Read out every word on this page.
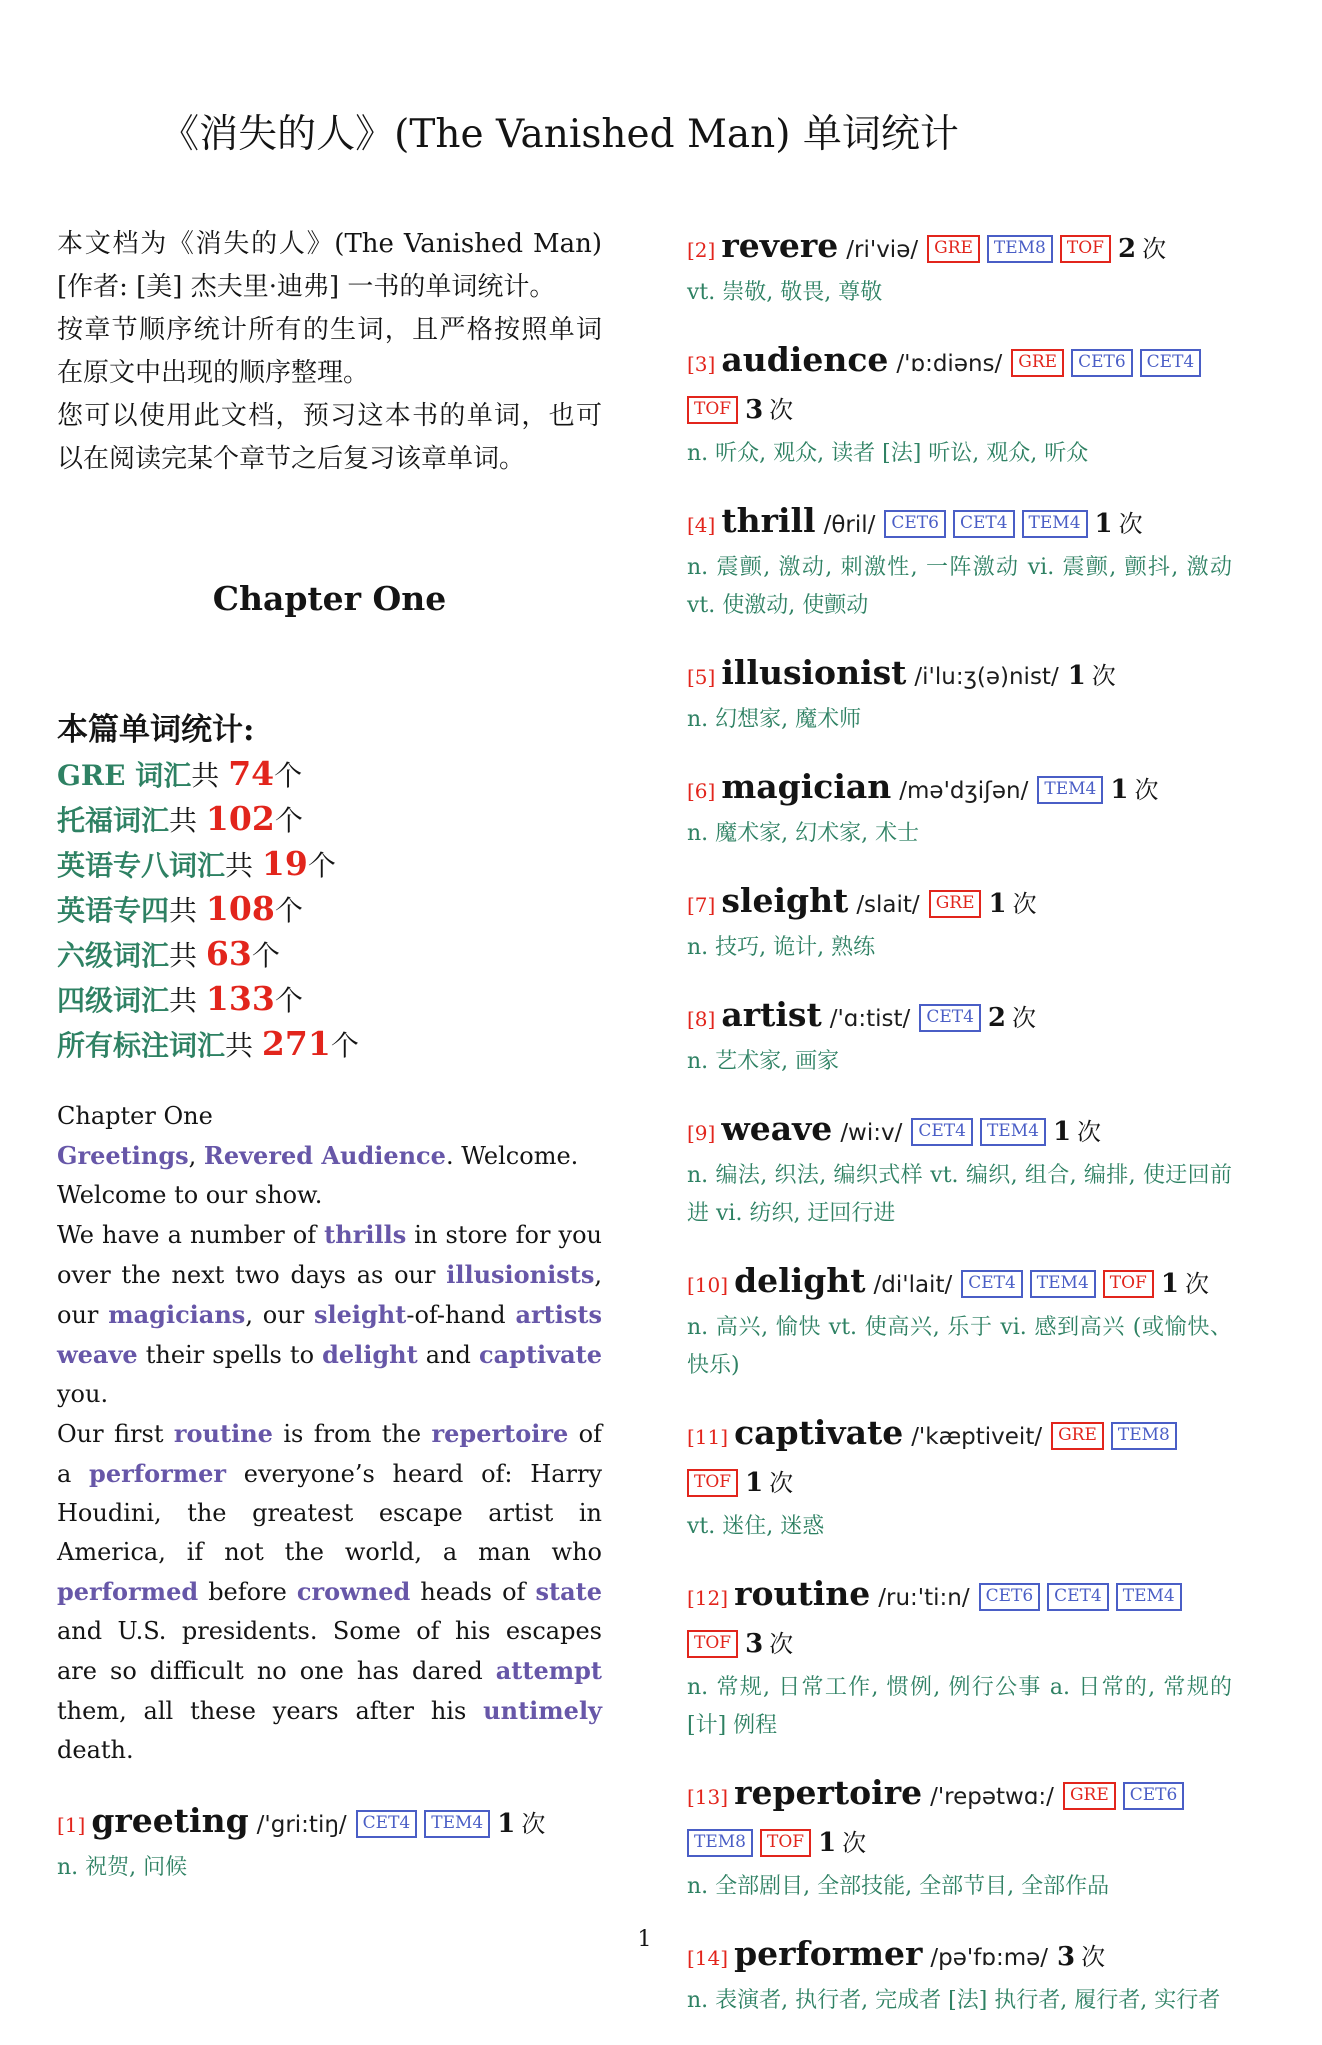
《消失的人》(The Vanished Man) 单词统计

本文档为《消失的人》(The Vanished Man)[作者: [美] 杰夫里·迪弗] 一书的单词统计。

按章节顺序统计所有的生词，且严格按照单词在原文中出现的顺序整理。

您可以使用此文档，预习这本书的单词，也可以在阅读完某个章节之后复习该章单词。

Chapter One
本篇单词统计:
GRE 词汇共 74个
托福词汇共 102个
英语专八词汇共 19个
英语专四共 108个
六级词汇共 63个
四级词汇共 133个
所有标注词汇共 271个

Chapter One

Greetings, Revered Audience. Welcome.

Welcome to our show.

We have a number of thrills in store for you over the next two days as our illusionists, our magicians, our sleight-of-hand artists weave their spells to delight and captivate you.

Our first routine is from the repertoire of a performer everyone’s heard of: Harry Houdini, the greatest escape artist in America, if not the world, a man who performed before crowned heads of state and U.S. presidents. Some of his escapes are so difficult no one has dared attempt them, all these years after his untimely death.

[1] greeting /'gri:tiŋ/ CET4 TEM4 1 次
n. 祝贺, 问候
[2] revere /ri'viə/ GRE TEM8 TOF 2 次
vt. 崇敬, 敬畏, 尊敬
[3] audience /'ɒ:diəns/ GRE CET6 CET4TOF 3 次
n. 听众, 观众, 读者 [法] 听讼, 观众, 听众
[4] thrill /θril/ CET6 CET4 TEM4 1 次
n. 震颤, 激动, 刺激性, 一阵激动 vi. 震颤, 颤抖, 激动 vt. 使激动, 使颤动
[5] illusionist /i'lu:ʒ(ə)nist/ 1 次
n. 幻想家, 魔术师
[6] magician /mə'dʒiʃən/ TEM4 1 次
n. 魔术家, 幻术家, 术士
[7] sleight /slait/ GRE 1 次
n. 技巧, 诡计, 熟练
[8] artist /'ɑ:tist/ CET4 2 次
n. 艺术家, 画家
[9] weave /wi:v/ CET4 TEM4 1 次
n. 编法, 织法, 编织式样 vt. 编织, 组合, 编排, 使迂回前进 vi. 纺织, 迂回行进
[10] delight /di'lait/ CET4 TEM4 TOF 1 次
n. 高兴, 愉快 vt. 使高兴, 乐于 vi. 感到高兴 (或愉快、快乐)
[11] captivate /'kæptiveit/ GRE TEM8TOF 1 次
vt. 迷住, 迷惑
[12] routine /ru:'ti:n/ CET6 CET4 TEM4TOF 3 次
n. 常规, 日常工作, 惯例, 例行公事 a. 日常的, 常规的 [计] 例程
[13] repertoire /'repətwɑ:/ GRE CET6TEM8 TOF 1 次
n. 全部剧目, 全部技能, 全部节目, 全部作品
[14] performer /pə'fɒ:mə/ 3 次
n. 表演者, 执行者, 完成者 [法] 执行者, 履行者, 实行者
1
